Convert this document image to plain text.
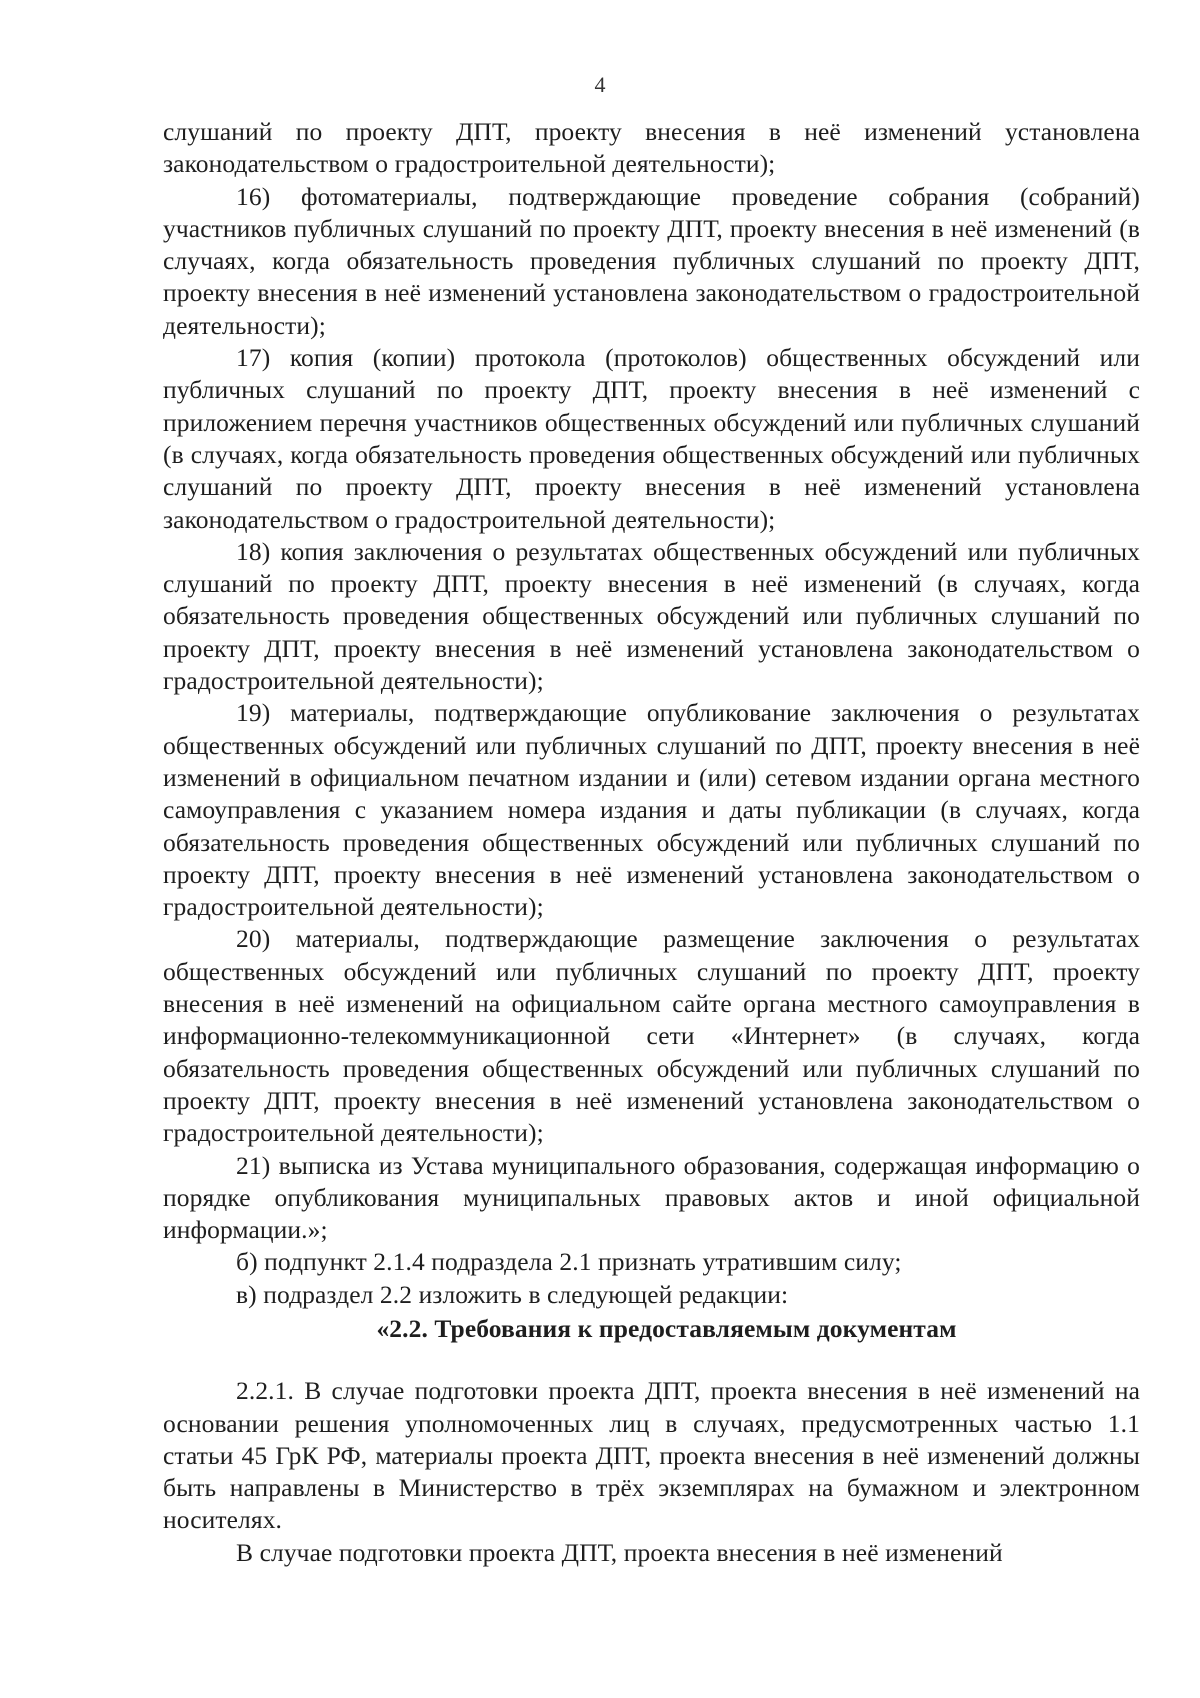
4

слушаний по проекту ДПТ, проекту внесения в неё изменений установлена законодательством о градостроительной деятельности);

16) фотоматериалы, подтверждающие проведение собрания (собраний) участников публичных слушаний по проекту ДПТ, проекту внесения в неё изменений (в случаях, когда обязательность проведения публичных слушаний по проекту ДПТ, проекту внесения в неё изменений установлена законодательством о градостроительной деятельности);

17) копия (копии) протокола (протоколов) общественных обсуждений или публичных слушаний по проекту ДПТ, проекту внесения в неё изменений с приложением перечня участников общественных обсуждений или публичных слушаний (в случаях, когда обязательность проведения общественных обсуждений или публичных слушаний по проекту ДПТ, проекту внесения в неё изменений установлена законодательством о градостроительной деятельности);

18) копия заключения о результатах общественных обсуждений или публичных слушаний по проекту ДПТ, проекту внесения в неё изменений (в случаях, когда обязательность проведения общественных обсуждений или публичных слушаний по проекту ДПТ, проекту внесения в неё изменений установлена законодательством о градостроительной деятельности);

19) материалы, подтверждающие опубликование заключения о результатах общественных обсуждений или публичных слушаний по ДПТ, проекту внесения в неё изменений в официальном печатном издании и (или) сетевом издании органа местного самоуправления с указанием номера издания и даты публикации (в случаях, когда обязательность проведения общественных обсуждений или публичных слушаний по проекту ДПТ, проекту внесения в неё изменений установлена законодательством о градостроительной деятельности);

20) материалы, подтверждающие размещение заключения о результатах общественных обсуждений или публичных слушаний по проекту ДПТ, проекту внесения в неё изменений на официальном сайте органа местного самоуправления в информационно-телекоммуникационной сети «Интернет» (в случаях, когда обязательность проведения общественных обсуждений или публичных слушаний по проекту ДПТ, проекту внесения в неё изменений установлена законодательством о градостроительной деятельности);

21) выписка из Устава муниципального образования, содержащая информацию о порядке опубликования муниципальных правовых актов и иной официальной информации.»;

б) подпункт 2.1.4 подраздела 2.1 признать утратившим силу;

в) подраздел 2.2 изложить в следующей редакции:

«2.2. Требования к предоставляемым документам

2.2.1. В случае подготовки проекта ДПТ, проекта внесения в неё изменений на основании решения уполномоченных лиц в случаях, предусмотренных частью 1.1 статьи 45 ГрК РФ, материалы проекта ДПТ, проекта внесения в неё изменений должны быть направлены в Министерство в трёх экземплярах на бумажном и электронном носителях.

В случае подготовки проекта ДПТ, проекта внесения в неё изменений
